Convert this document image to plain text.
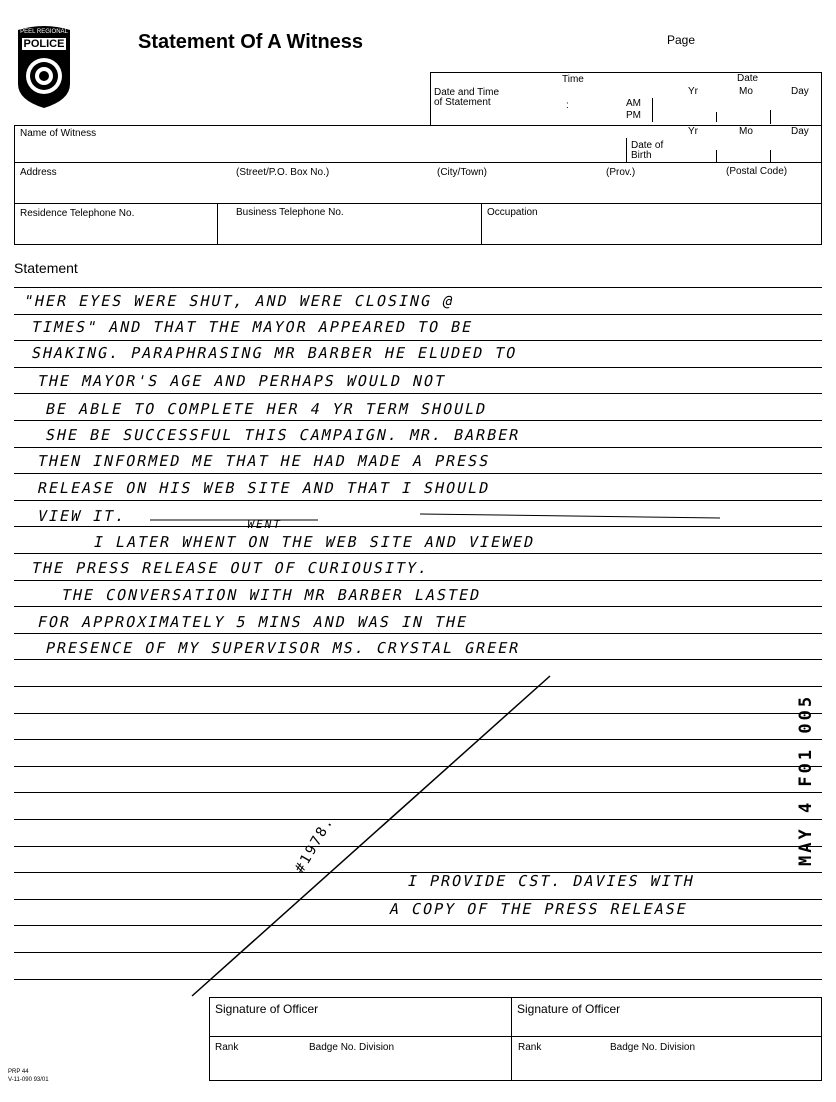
PEEL REGIONAL
POLICE	Statement Of A Witness	Page
Time	Date
Date and Time
of Statement	:	AM
PM
Yr	Mo	Day
Name of Witness	Yr	Mo	Day
Date of
Birth
Address	(Street/P.O. Box No.)	(City/Town)	(Prov.)	(Postal Code)
Residence Telephone No.	Business Telephone No.	Occupation
Statement
"HER EYES WERE SHUT, AND WERE CLOSING @
TIMES" AND THAT THE MAYOR APPEARED TO BE
SHAKING. PARAPHRASING MR BARBER HE ELUDED TO
THE MAYOR'S AGE AND PERHAPS WOULD NOT
BE ABLE TO COMPLETE HER 4 YR TERM SHOULD
SHE BE SUCCESSFUL THIS CAMPAIGN. MR. BARBER
THEN INFORMED ME THAT HE HAD MADE A PRESS
RELEASE ON HIS WEB SITE AND THAT I SHOULD
VIEW IT.
I LATER WHENT ON THE WEB SITE AND VIEWED
THE PRESS RELEASE OUT OF CURIOUSITY.
THE CONVERSATION WITH MR BARBER LASTED
FOR APPROXIMATELY 5 MINS AND WAS IN THE
PRESENCE OF MY SUPERVISOR MS. CRYSTAL GREER
WENT
#1978.
I PROVIDE CST. DAVIES WITH
A COPY OF THE PRESS RELEASE
MAY 4 F01 005
Signature of Officer	Signature of Officer
Rank	Badge No. Division	Rank	Badge No. Division
PRP 44
V-11-090 93/01
